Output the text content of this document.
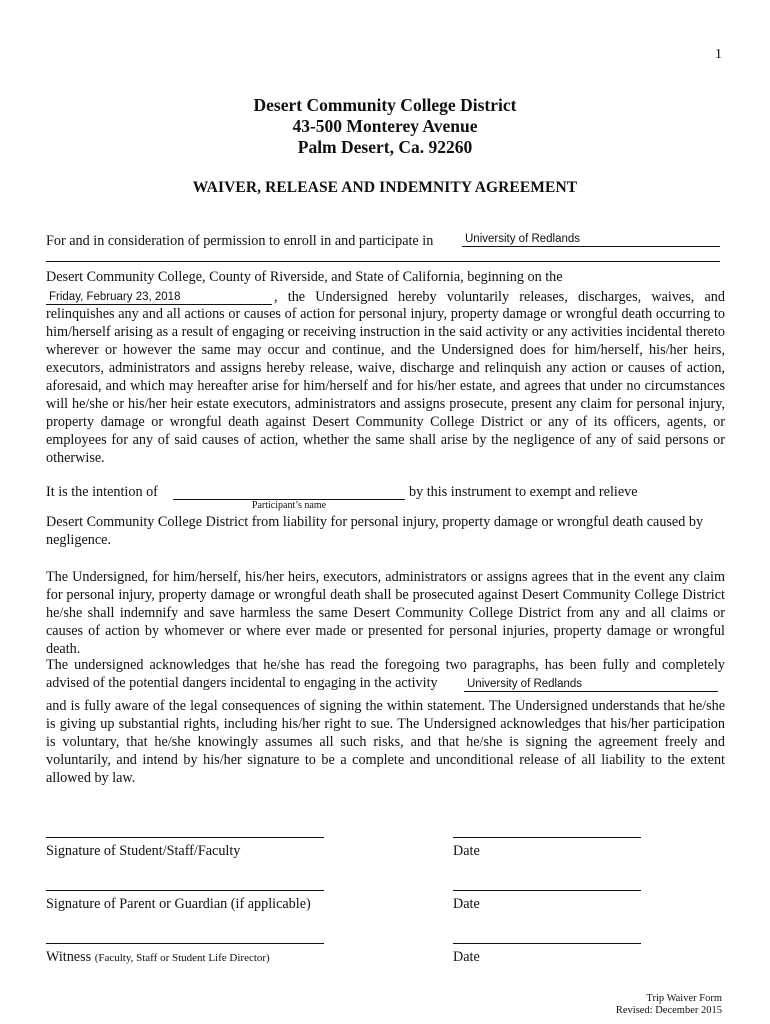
1
Desert Community College District
43-500 Monterey Avenue
Palm Desert, Ca. 92260
WAIVER, RELEASE AND INDEMNITY AGREEMENT
For and in consideration of permission to enroll in and participate in	University of Redlands
Desert Community College, County of Riverside, and State of California, beginning on the
Friday, February 23, 2018	, the Undersigned hereby voluntarily releases, discharges, waives, and
relinquishes any and all actions or causes of action for personal injury, property damage or wrongful death occurring to him/herself arising as a result of engaging or receiving instruction in the said activity or any activities incidental thereto wherever or however the same may occur and continue, and the Undersigned does for him/herself, his/her heirs, executors, administrators and assigns hereby release, waive, discharge and relinquish any action or causes of action, aforesaid, and which may hereafter arise for him/herself and for his/her estate, and agrees that under no circumstances will he/she or his/her heir estate executors, administrators and assigns prosecute, present any claim for personal injury, property damage or wrongful death against Desert Community College District or any of its officers, agents, or employees for any of said causes of action, whether the same shall arise by the negligence of any of said persons or otherwise.
It is the intention of	by this instrument to exempt and relieve
Participant’s name
Desert Community College District from liability for personal injury, property damage or wrongful death caused by negligence.
The Undersigned, for him/herself, his/her heirs, executors, administrators or assigns agrees that in the event any claim for personal injury, property damage or wrongful death shall be prosecuted against Desert Community College District he/she shall indemnify and save harmless the same Desert Community College District from any and all claims or causes of action by whomever or where ever made or presented for personal injuries, property damage or wrongful death.
The undersigned acknowledges that he/she has read the foregoing two paragraphs, has been fully and completely
advised of the potential dangers incidental to engaging in the activity	University of Redlands
and is fully aware of the legal consequences of signing the within statement. The Undersigned understands that he/she is giving up substantial rights, including his/her right to sue. The Undersigned acknowledges that his/her participation is voluntary, that he/she knowingly assumes all such risks, and that he/she is signing the agreement freely and voluntarily, and intend by his/her signature to be a complete and unconditional release of all liability to the extent allowed by law.
Signature of Student/Staff/Faculty	Date
Signature of Parent or Guardian (if applicable)	Date
Witness (Faculty, Staff or Student Life Director)	Date
Trip Waiver Form
Revised: December 2015
